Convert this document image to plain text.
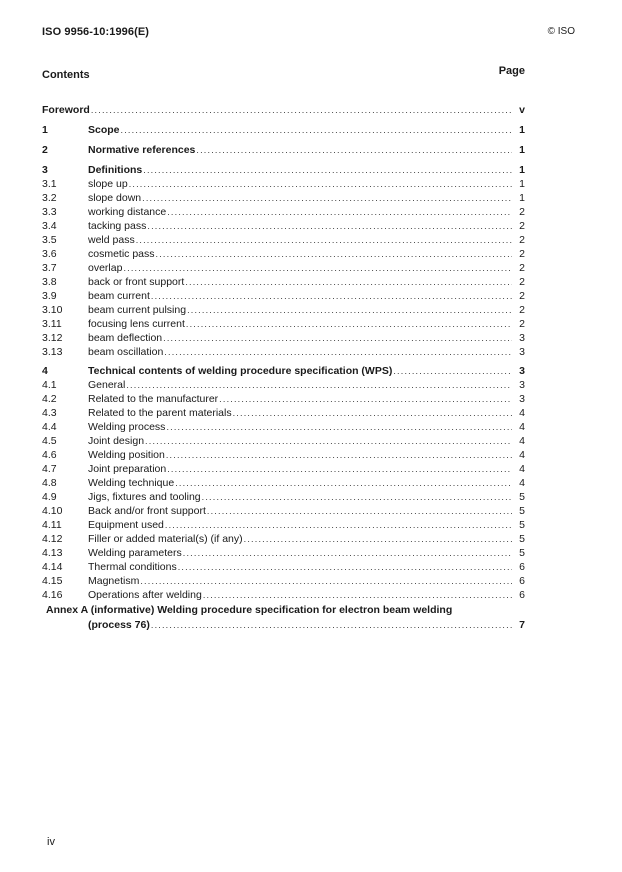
ISO 9956-10:1996(E)	© ISO
Contents	Page
Foreword .....	v
1	Scope .....	1
2	Normative references .....	1
3	Definitions .....	1
3.1	slope up .....	1
3.2	slope down .....	1
3.3	working distance .....	2
3.4	tacking pass .....	2
3.5	weld pass .....	2
3.6	cosmetic pass .....	2
3.7	overlap .....	2
3.8	back or front support .....	2
3.9	beam current .....	2
3.10	beam current pulsing .....	2
3.11	focusing lens current .....	2
3.12	beam deflection .....	3
3.13	beam oscillation .....	3
4	Technical contents of welding procedure specification (WPS) .....	3
4.1	General .....	3
4.2	Related to the manufacturer .....	3
4.3	Related to the parent materials .....	4
4.4	Welding process .....	4
4.5	Joint design .....	4
4.6	Welding position .....	4
4.7	Joint preparation .....	4
4.8	Welding technique .....	4
4.9	Jigs, fixtures and tooling .....	5
4.10	Back and/or front support .....	5
4.11	Equipment used .....	5
4.12	Filler or added material(s) (if any) .....	5
4.13	Welding parameters .....	5
4.14	Thermal conditions .....	6
4.15	Magnetism .....	6
4.16	Operations after welding .....	6
Annex A (informative) Welding procedure specification for electron beam welding
(process 76) .....	7
iv
